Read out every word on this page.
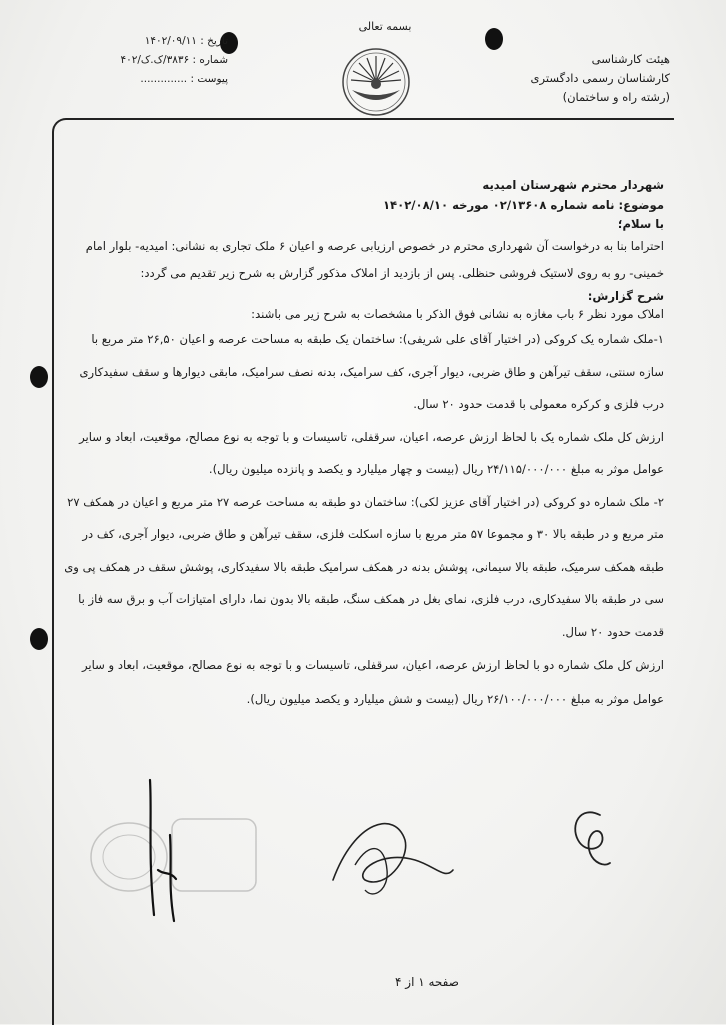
بسمه تعالی
تاریخ : ۱۴۰۲/۰۹/۱۱
شماره : ۳۸۳۶/ک.ک/۴۰۲
پیوست : ..............
هیئت کارشناسی
کارشناسان رسمی دادگستری
(رشته راه و ساختمان)

شهردار محترم شهرستان امیدیه

موضوع: نامه شماره ۰۲/۱۳۶۰۸ مورخه ۱۴۰۲/۰۸/۱۰

با سلام؛

احتراما بنا به درخواست آن شهرداری محترم در خصوص ارزیابی عرصه و اعیان ۶ ملک تجاری به نشانی: امیدیه- بلوار امام خمینی- رو به روی لاستیک فروشی حنظلی. پس از بازدید از املاک مذکور گزارش به شرح زیر تقدیم می گردد:

شرح گزارش:

املاک مورد نظر ۶ باب مغازه به نشانی فوق الذکر با مشخصات به شرح زیر می باشند:

۱-ملک شماره یک کروکی (در اختیار آقای علی شریفی): ساختمان یک طبقه به مساحت عرصه و اعیان ۲۶,۵۰ متر مربع با سازه سنتی، سقف تیرآهن و طاق ضربی، دیوار آجری، کف سرامیک، بدنه نصف سرامیک، مابقی دیوارها و سقف سفیدکاری درب فلزی و کرکره معمولی با قدمت حدود ۲۰ سال.

ارزش کل ملک شماره یک با لحاظ ارزش عرصه، اعیان، سرقفلی، تاسیسات و با توجه به نوع مصالح، موقعیت، ابعاد و سایر عوامل موثر به مبلغ ۲۴/۱۱۵/۰۰۰/۰۰۰ ریال (بیست و چهار میلیارد و یکصد و پانزده میلیون ریال).

۲- ملک شماره دو کروکی (در اختیار آقای عزیز لکی): ساختمان دو طبقه به مساحت عرصه ۲۷ متر مربع و اعیان در همکف ۲۷ متر مربع و در طبقه بالا ۳۰ و مجموعا ۵۷ متر مربع با سازه اسکلت فلزی، سقف تیرآهن و طاق ضربی، دیوار آجری، کف در طبقه همکف سرمیک، طبقه بالا سیمانی، پوشش بدنه در همکف سرامیک طبقه بالا سفیدکاری، پوشش سقف در همکف پی وی سی در طبقه بالا سفیدکاری، درب فلزی، نمای بغل در همکف سنگ، طبقه بالا بدون نما، دارای امتیازات آب و برق سه فاز با قدمت حدود ۲۰ سال.

ارزش کل ملک شماره دو با لحاظ ارزش عرصه، اعیان، سرقفلی، تاسیسات و با توجه به نوع مصالح، موقعیت، ابعاد و سایر عوامل موثر به مبلغ ۲۶/۱۰۰/۰۰۰/۰۰۰ ریال (بیست و شش میلیارد و یکصد میلیون ریال).

صفحه ۱ از ۴
